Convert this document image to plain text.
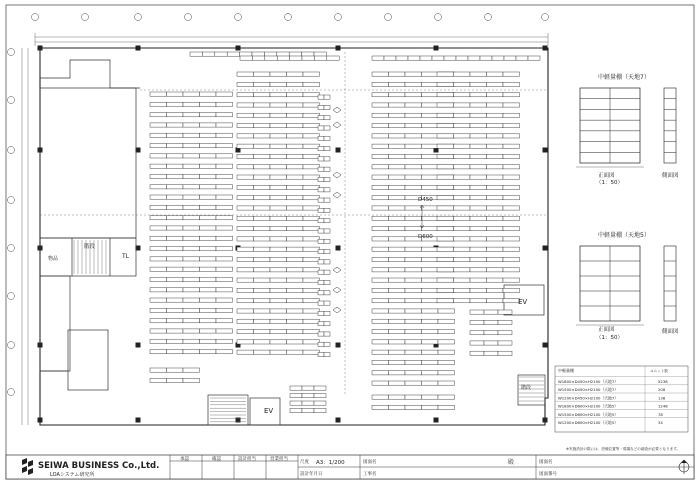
階段
物品	TL
EV
EV
階段
D450
D600
中軽量棚（天地7）
正面図
（1：50）
側面図
中軽量棚（天地5）
正面図
（1：50）
側面図
中軽量棚	ユニット数
W1800×D450×H2100（天地7）	5238
W1500×D450×H2100（天地7）	208
W1200×D450×H2100（天地7）	138
W1800×D600×H2100（天地5）	1248
W1500×D600×H2100（天地5）	78
W1200×D600×H2100（天地5）	34
※実施設計の際には、設備位置等・現場などの調査が必要となります。
SEIWA BUSINESS Co.,Ltd.
LOAシステム研究所
承認	確認	設計担当	営業担当
尺度 A3：1/200
設計年月日
図面名
工事名
殿
図面番号
図面名
